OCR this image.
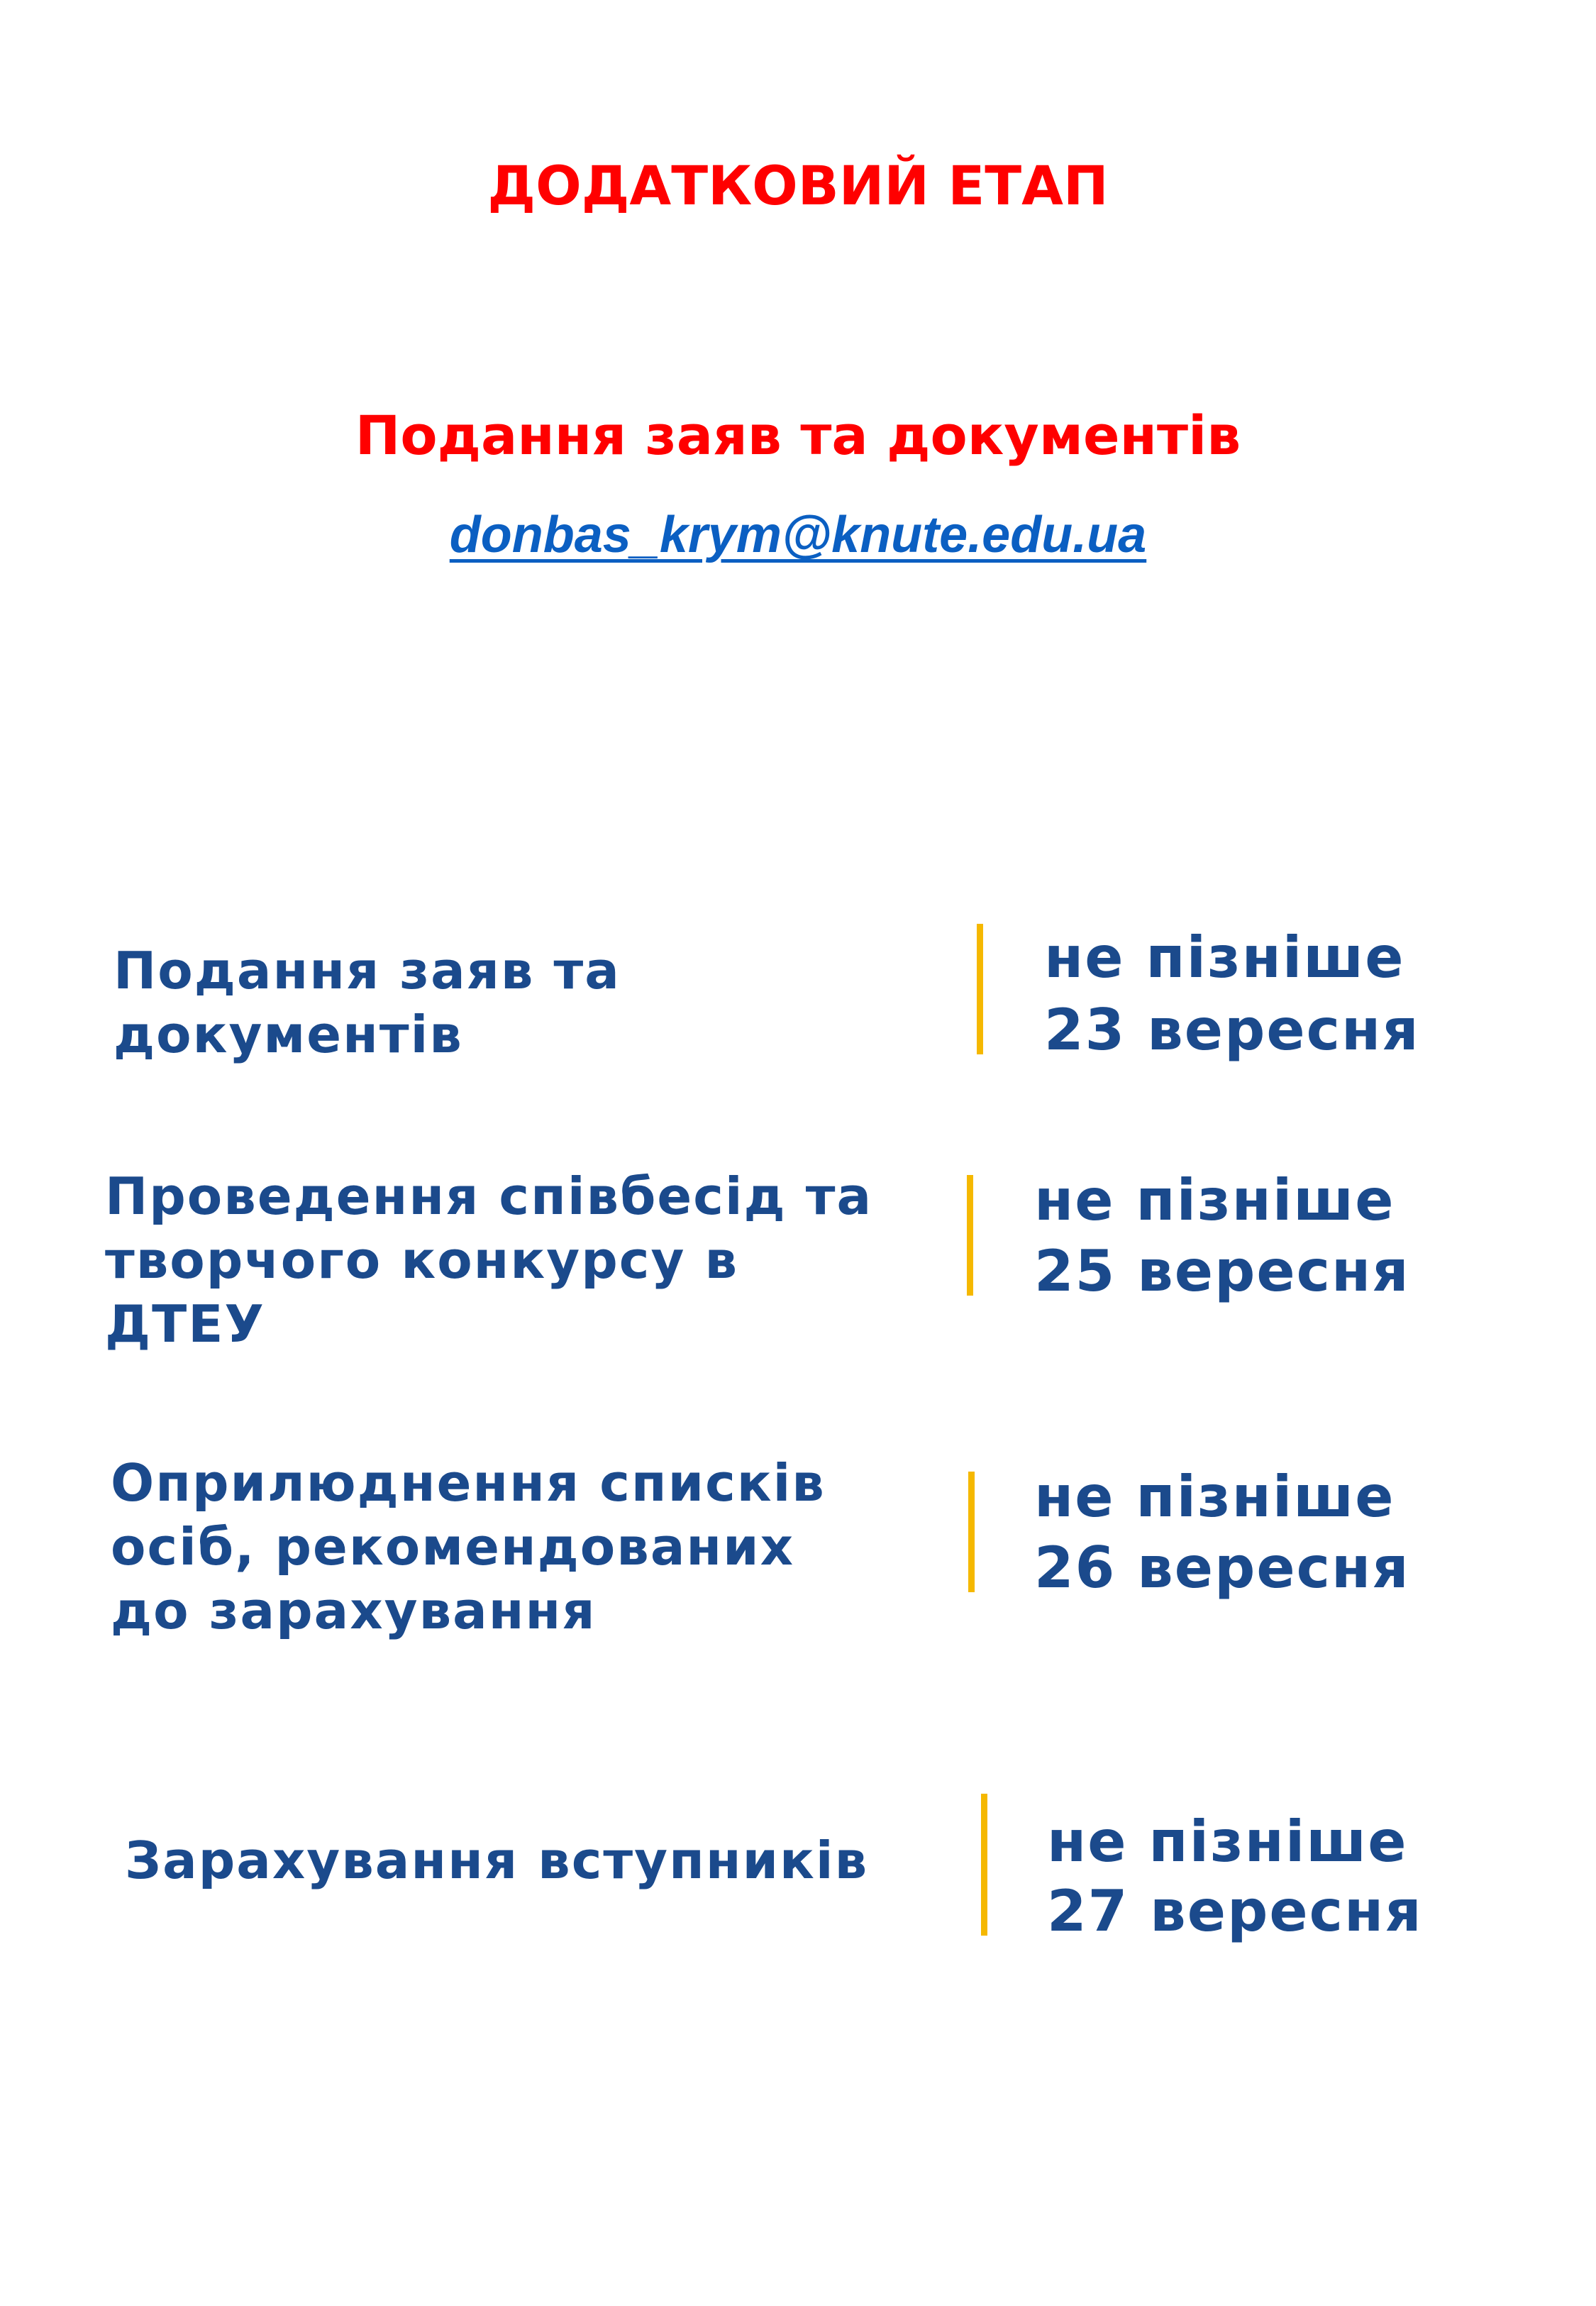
ДОДАТКОВИЙ ЕТАП
Подання заяв та документів
donbas_krym@knute.edu.ua
Подання заяв та
документів
не пізніше
23 вересня
Проведення співбесід та
творчого конкурсу в
ДТЕУ
не пізніше
25 вересня
Оприлюднення списків
осіб, рекомендованих
до зарахування
не пізніше
26 вересня
Зарахування вступників	не пізніше
27 вересня
